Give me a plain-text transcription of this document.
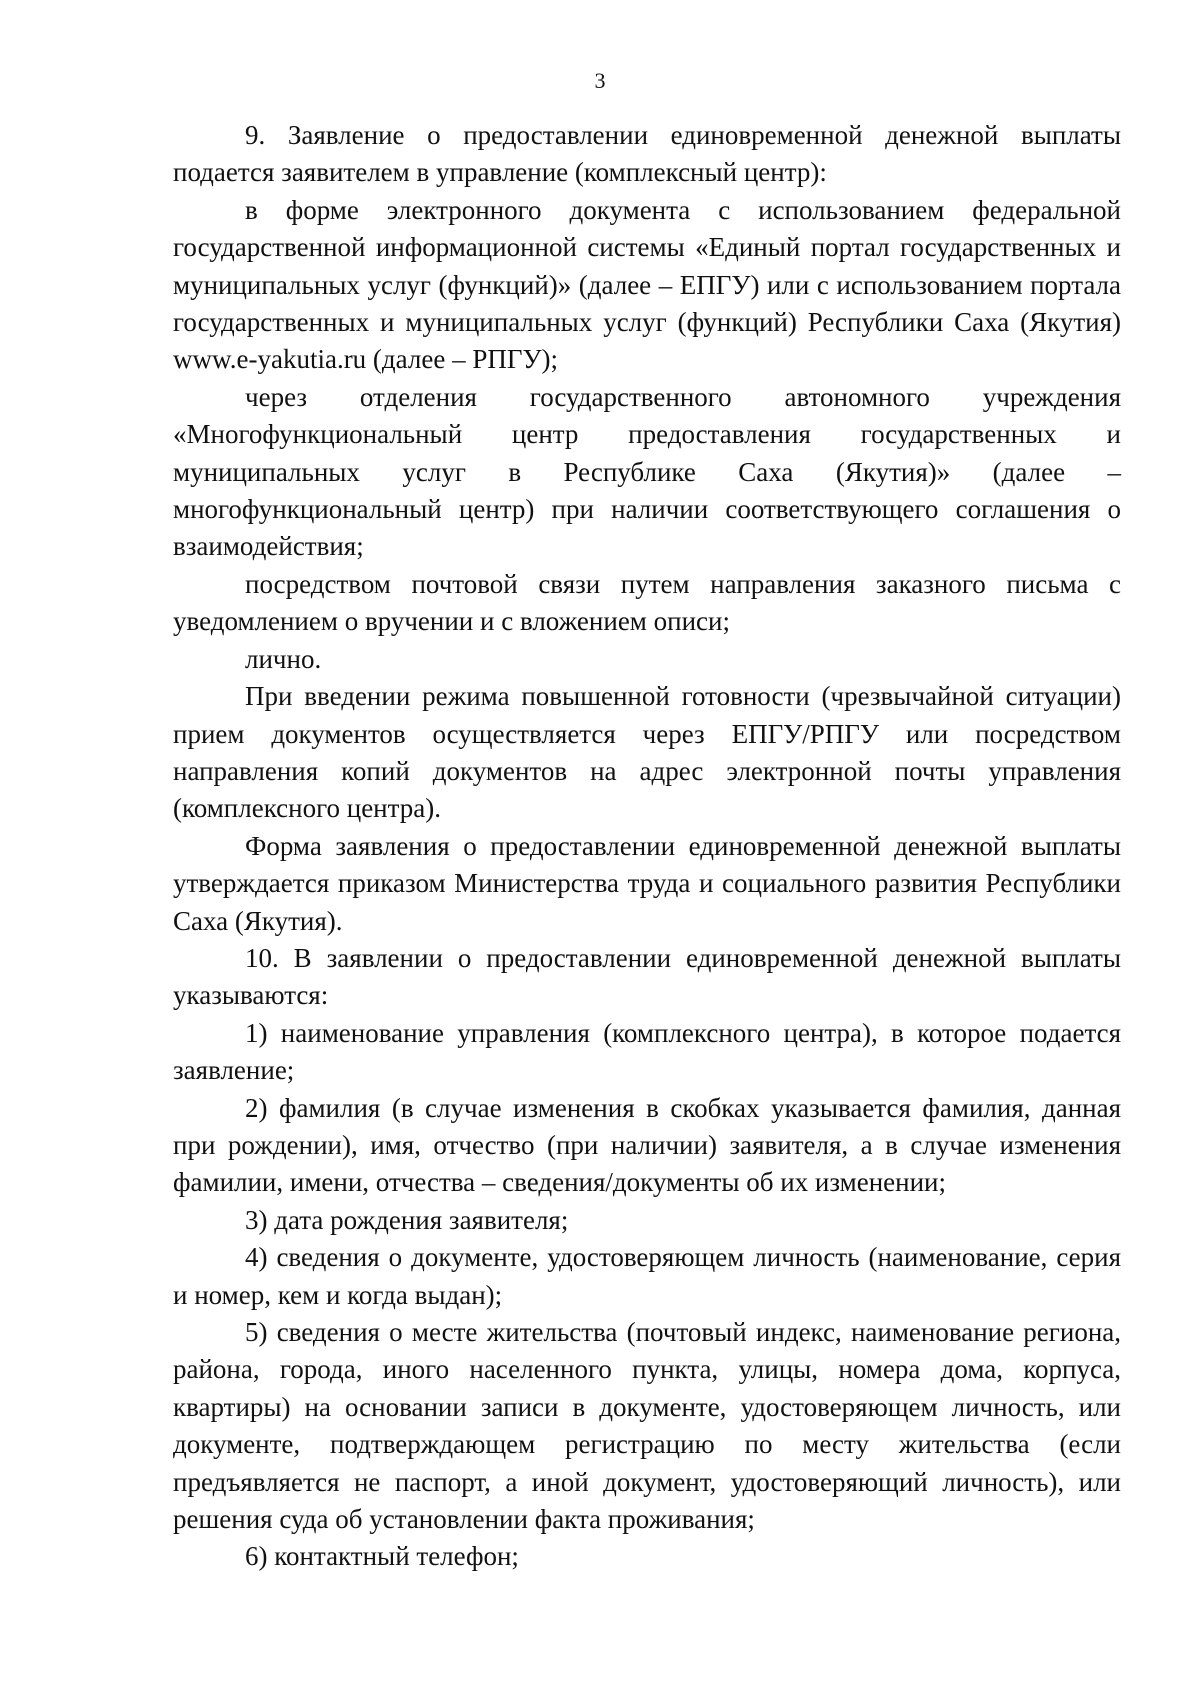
3

9. Заявление о предоставлении единовременной денежной выплаты подается заявителем в управление (комплексный центр):

в форме электронного документа с использованием федеральной государственной информационной системы «Единый портал государственных и муниципальных услуг (функций)» (далее – ЕПГУ) или с использованием портала государственных и муниципальных услуг (функций) Республики Саха (Якутия) www.e-yakutia.ru (далее – РПГУ);

через отделения государственного автономного учреждения «Многофункциональный центр предоставления государственных и муниципальных услуг в Республике Саха (Якутия)» (далее – многофункциональный центр) при наличии соответствующего соглашения о взаимодействия;

посредством почтовой связи путем направления заказного письма с уведомлением о вручении и с вложением описи;

лично.

При введении режима повышенной готовности (чрезвычайной ситуации) прием документов осуществляется через ЕПГУ/РПГУ или посредством направления копий документов на адрес электронной почты управления (комплексного центра).

Форма заявления о предоставлении единовременной денежной выплаты утверждается приказом Министерства труда и социального развития Республики Саха (Якутия).

10. В заявлении о предоставлении единовременной денежной выплаты указываются:

1) наименование управления (комплексного центра), в которое подается заявление;

2) фамилия (в случае изменения в скобках указывается фамилия, данная при рождении), имя, отчество (при наличии) заявителя, а в случае изменения фамилии, имени, отчества – сведения/документы об их изменении;

3) дата рождения заявителя;

4) сведения о документе, удостоверяющем личность (наименование, серия и номер, кем и когда выдан);

5) сведения о месте жительства (почтовый индекс, наименование региона, района, города, иного населенного пункта, улицы, номера дома, корпуса, квартиры) на основании записи в документе, удостоверяющем личность, или документе, подтверждающем регистрацию по месту жительства (если предъявляется не паспорт, а иной документ, удостоверяющий личность), или решения суда об установлении факта проживания;

6) контактный телефон;
